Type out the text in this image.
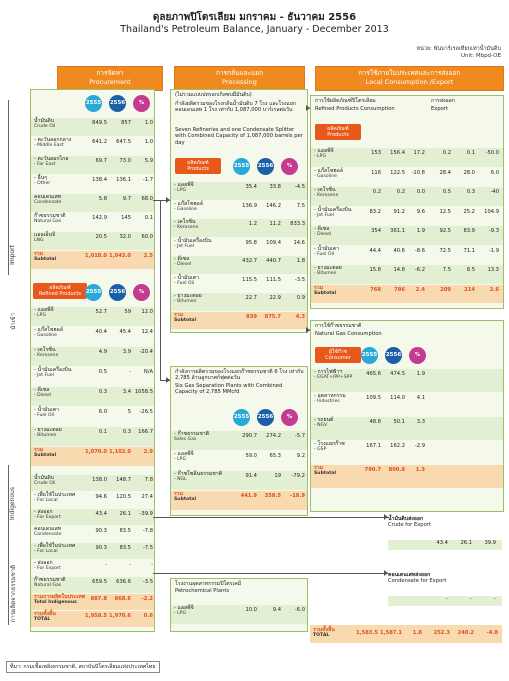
ดุลยภาพปิโตรเลียม มกราคม - ธันวาคม 2556
Thailand's Petroleum Balance, January - December 2013
หน่วย: พันบาร์เรลเทียบเท่าน้ำมันดิบ
Unit: Mbpd-OE
การจัดหา
Procurement
การกลั่นและแยก
Processing
การใช้ภายในประเทศและการส่งออก
Local Consumption /Export
Import
นำเข้า
Indigenous
การผลิตจากธรรมชาติ
2555 2556	%
น้ำมันดิบ
Crude Oil
849.5	857	1.0
- ตะวันออกกลาง
- Middle East
641.2	647.5	1.0
- ตะวันออกไกล
- Far East
69.7	73.0	5.9
- อื่นๆ
- Other
138.4	136.1	-1.7
คอนเดนเสท
Condensate
5.8	9.7	68.0
ก๊าซธรรมชาติ
Natural Gas
142.9	145	0.1
แอลเอ็นจี
LNG
20.5	32.0	60.0
รวม
Subtotal
1,018.0 1,043.0	2.5
ผลิตภัณฑ์
Refined Products 2555 2556	%
- แอลพีจี
- LPG
52.7	59	12.0
- แก๊สโซฮอล์
- Gasoline
40.4	45.4	12.4
- เคโรซีน
- Kerosene
4.9	3.9	-20.4
- น้ำมันเครื่องบิน
- Jet Fuel
0.5	-	N/A
- ดีเซล
- Diesel
0.3	3.4 1058.5
- น้ำมันเตา
- Fuel Oil
6.0	5	-26.5
- ยางมะตอย
- Bitumen
0.1	0.3	166.7
รวม
Subtotal
1,070.0 1,102.0	2.9
น้ำมันดิบ
Crude Oil
138.0	148.7	7.8
- เพื่อใช้ในประเทศ
- For Local
94.6	120.5	27.4
- ส่งออก
- For Export
43.4	26.1	-39.9
คอนเดนเสท
Condensate
90.3	83.5	-7.8
- เพื่อใช้ในประเทศ
- For Local
90.3	83.5	-7.5
- ส่งออก
- For Export
-	-	-
ก๊าซธรรมชาติ
Natural Gas
659.5	636.6	-3.5
รวมการผลิตในประเทศ
Total Indigenous
887.8	868.6	-2.2
รวมทั้งสิ้น
TOTAL
1,958.5 1,970.6	0.6
(ไม่รวมแบบปทรอกเกิลซบมืมันดิบ)
กำลังผลิตรวมของโรงกลั่นน้ำมันดิบ 7 โรง และโรงแยกคอนเดนเสท 1 โรง เท่ากับ 1,087,000 บาร์เรลต่อวัน
Seven Refineries and one Condensate Splitter with Combined Capacity of 1,087,000 barrels per day
ผลิตภัณฑ์
Products	2555 2556	%
- แอลพีจี
- LPG
35.4	33.8	-4.5
- แก๊สโซฮอล์
- Gasoline
136.9	146.2	7.5
- เคโรซีน
- Kerosene
1.2	11.2	833.3
- น้ำมันเครื่องบิน
- Jet Fuel
95.8	109.4	14.6
- ดีเซล
- Diesel
432.7	440.7	1.8
- น้ำมันเตา
- Fuel Oil
115.5	111.5	-3.5
- ยางมะตอย
- Bitumen
22.7	22.9	0.9
รวม
Subtotal
839	875.7	4.3
กำลังการผลิตรวมของโรงแยกก๊าซธรรมชาติ 6 โรง เท่ากับ 2,785 ล้านลูกบาศก์ฟุตต่อวัน
Six Gas Separation Plants with Combined Capacity of 2,785 MMcfd
2555 2556	%
- ก๊าซธรรมชาติ
Sales Gas
290.7	274.2	-5.7
- แอลพีจี
- LPG
59.0	65.3	9.2
- ก๊าซโซลีนธรรมชาติ
- NGL
91.4	19	-79.2
รวม
Subtotal
441.9	358.5	-18.9
โรงงานอุตสาหกรรมปิโตรเคมี
Petrochemical Plants
- แอลพีจี
- LPG
10.0	9.4	-6.0
การใช้ผลิตภัณฑ์ปิโตรเลียม
Refined Products Consumption
การส่งออก
Export
ผลิตภัณฑ์
Products
- แอลพีจี
- LPG
153	156.4	17.2	0.2	0.1	-50.0
- แก๊สโซฮอล์
- Gasoline
116	122.5	-10.8	28.4	28.0	6.0
- เคโรซีน
- Kerosene
0.2	0.2	0.0	0.5	0.3	-40
- น้ำมันเครื่องบิน
- Jet Fuel
83.2	91.2	9.6	12.5	25.2	104.9
- ดีเซล
- Diesel
354	361.1	1.9	92.5	83.9	-9.3
- น้ำมันเตา
- Fuel Oil
44.4	40.6	-8.6	72.5	71.1	-1.9
- ยางมะตอย
- Bitumen
15.8	14.8	-6.2	7.5	8.5	13.3
รวม
Subtotal
768	786	2.4	209	214	2.6
การใช้ก๊าซธรรมชาติ
Natural Gas Consumption
ผู้ใช้ก๊าซ
Consumer	2555 2556	%
- การไฟฟ้าฯ
- EGAT+IPP+SPP
465.6	474.5	1.9
- อุตสาหกรรม
- Industries
109.5	114.0	4.1
- รถยนต์
- NGV
48.8	50.1	3.3
- โรงแยกก๊าซ
- GSP
167.1	162.2	-2.9
รวม
Subtotal
790.7	800.8	1.3
น้ำมันดิบส่งออก
Crude for Export
43.4	26.1	39.9
คอนเดนเสทส่งออก
Condensate for Export
-	-	-
รวมทั้งสิ้น
TOTAL	1,583.5 1,587.1	1.8	252.3	240.2	-4.8
ที่มา: กรมเชื้อเพลิงธรรมชาติ, สถาบันปิโตรเลียมแห่งประเทศไทย
